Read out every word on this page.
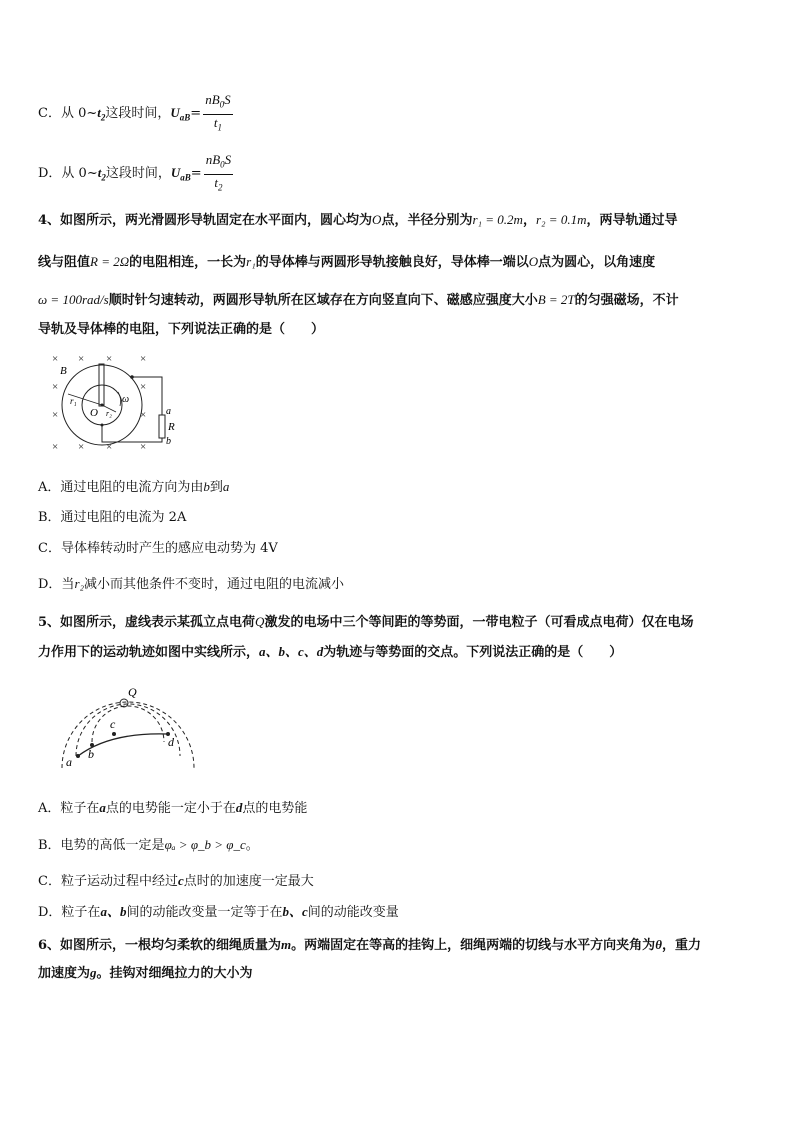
C．从 $0\sim t_2$这段时间，$U_{aB}= \frac{nB_0S}{t_1}$
D．从 $0\sim t_2$这段时间，$U_{aB}= \frac{nB_0S}{t_2}$
4、如图所示，两光滑圆形导轨固定在水平面内，圆心均为O点，半径分别为r₁ = 0.2m，r₂ = 0.1m，两导轨通过导
线与阻值R = 2Ω的电阻相连，一长为r₁的导体棒与两圆形导轨接触良好，导体棒一端以O点为圆心，以角速度
ω = 100rad/s顺时针匀速转动，两圆形导轨所在区域存在方向竖直向下、磁感应强度大小B = 2T的匀强磁场，不计
导轨及导体棒的电阻，下列说法正确的是（　　）
× × ×	×
×	×
×	×
× × ×	×
B
r₁
r₂
O
ω
a
R
b
A．通过电阻的电流方向为由b到a
B．通过电阻的电流为 2A
C．导体棒转动时产生的感应电动势为 4V
D．当r₂减小而其他条件不变时，通过电阻的电流减小
5、如图所示，虚线表示某孤立点电荷Q激发的电场中三个等间距的等势面，一带电粒子（可看成点电荷）仅在电场
力作用下的运动轨迹如图中实线所示，a、b、c、d为轨迹与等势面的交点。下列说法正确的是（　　）
Q
a
b
c
d
A．粒子在a点的电势能一定小于在d点的电势能
B．电势的高低一定是φₐ > φ_b > φ_c。
C．粒子运动过程中经过c点时的加速度一定最大
D．粒子在a、b间的动能改变量一定等于在b、c间的动能改变量
6、如图所示，一根均匀柔软的细绳质量为m。两端固定在等高的挂钩上，细绳两端的切线与水平方向夹角为θ，重力
加速度为g。挂钩对细绳拉力的大小为
